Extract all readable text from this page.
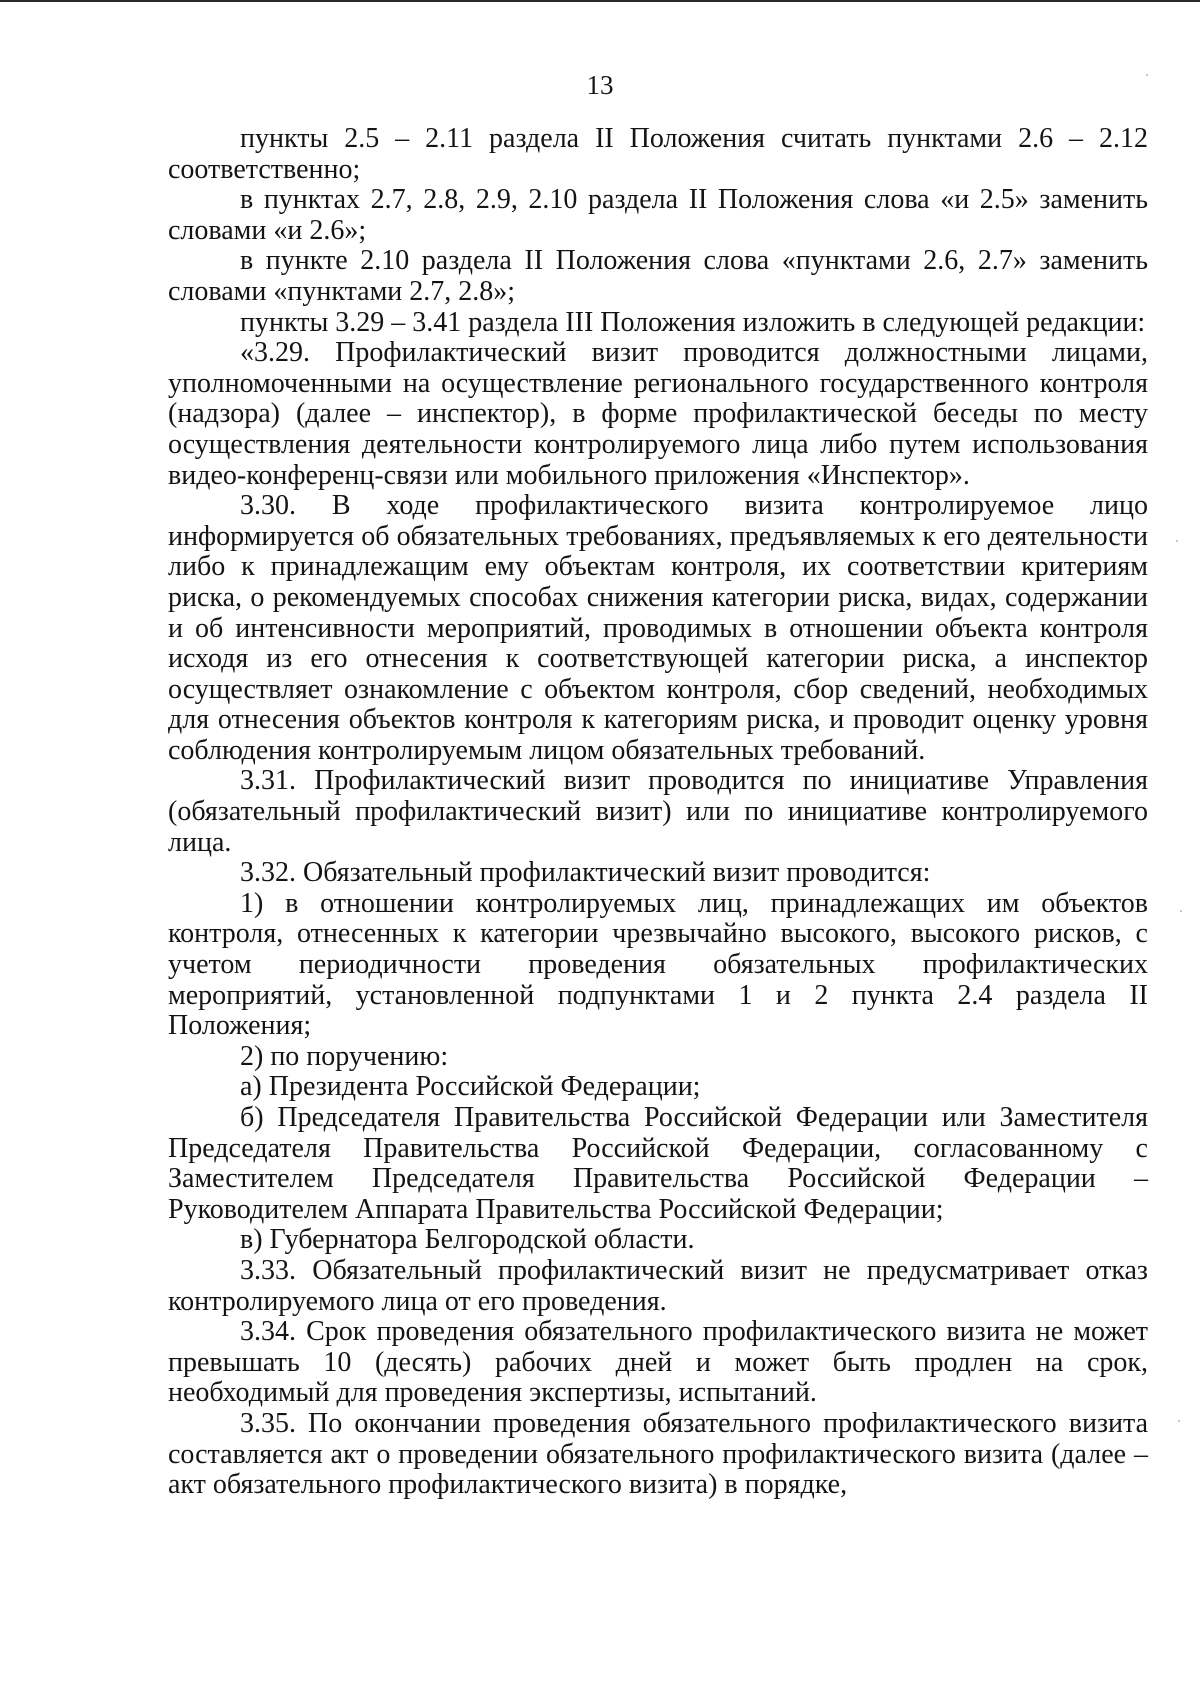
13

пункты 2.5 – 2.11 раздела II Положения считать пунктами 2.6 – 2.12 соответственно;

в пунктах 2.7, 2.8, 2.9, 2.10 раздела II Положения слова «и 2.5» заменить словами «и 2.6»;

в пункте 2.10 раздела II Положения слова «пунктами 2.6, 2.7» заменить словами «пунктами 2.7, 2.8»;

пункты 3.29 – 3.41 раздела III Положения изложить в следующей редакции:

«3.29. Профилактический визит проводится должностными лицами, уполномоченными на осуществление регионального государственного контроля (надзора) (далее – инспектор), в форме профилактической беседы по месту осуществления деятельности контролируемого лица либо путем использования видео-конференц-связи или мобильного приложения «Инспектор».

3.30. В ходе профилактического визита контролируемое лицо информируется об обязательных требованиях, предъявляемых к его деятельности либо к принадлежащим ему объектам контроля, их соответствии критериям риска, о рекомендуемых способах снижения категории риска, видах, содержании и об интенсивности мероприятий, проводимых в отношении объекта контроля исходя из его отнесения к соответствующей категории риска, а инспектор осуществляет ознакомление с объектом контроля, сбор сведений, необходимых для отнесения объектов контроля к категориям риска, и проводит оценку уровня соблюдения контролируемым лицом обязательных требований.

3.31. Профилактический визит проводится по инициативе Управления (обязательный профилактический визит) или по инициативе контролируемого лица.

3.32. Обязательный профилактический визит проводится:

1) в отношении контролируемых лиц, принадлежащих им объектов контроля, отнесенных к категории чрезвычайно высокого, высокого рисков, с учетом периодичности проведения обязательных профилактических мероприятий, установленной подпунктами 1 и 2 пункта 2.4 раздела II Положения;

2) по поручению:

а) Президента Российской Федерации;

б) Председателя Правительства Российской Федерации или Заместителя Председателя Правительства Российской Федерации, согласованному с Заместителем Председателя Правительства Российской Федерации – Руководителем Аппарата Правительства Российской Федерации;

в) Губернатора Белгородской области.

3.33. Обязательный профилактический визит не предусматривает отказ контролируемого лица от его проведения.

3.34. Срок проведения обязательного профилактического визита не может превышать 10 (десять) рабочих дней и может быть продлен на срок, необходимый для проведения экспертизы, испытаний.

3.35. По окончании проведения обязательного профилактического визита составляется акт о проведении обязательного профилактического визита (далее – акт обязательного профилактического визита) в порядке,
